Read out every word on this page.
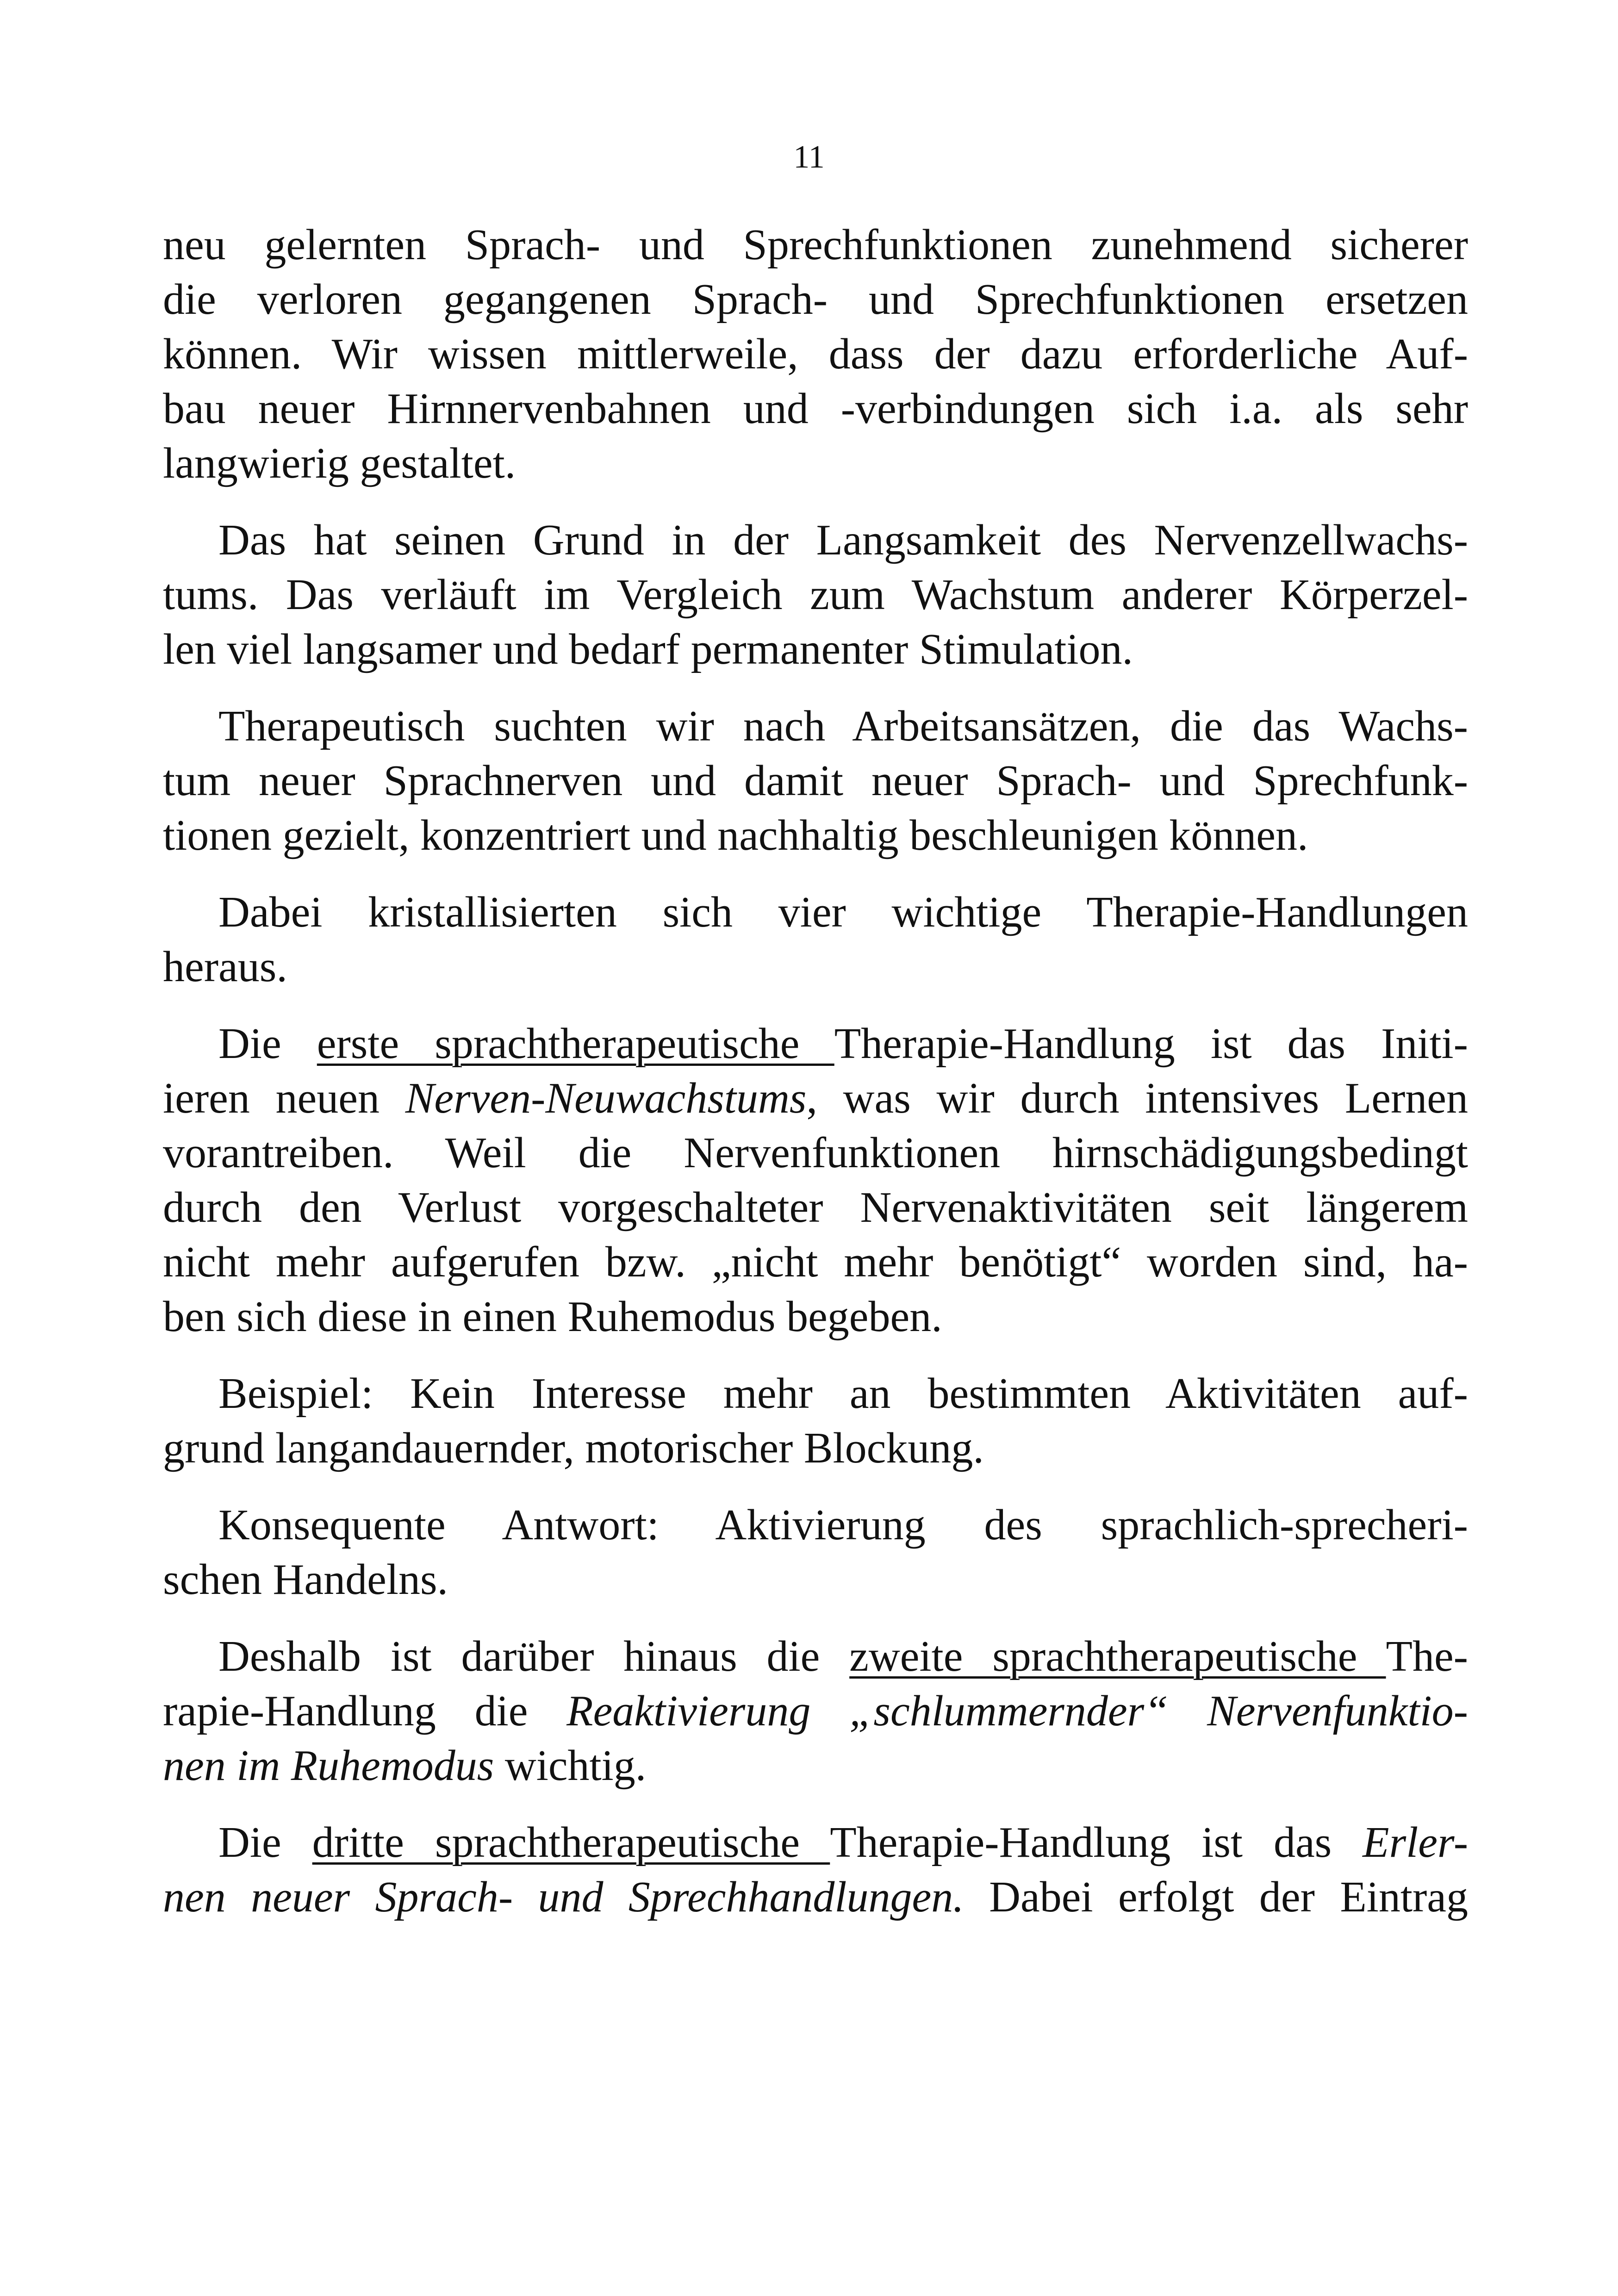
11
neu gelernten Sprach- und Sprechfunktionen zunehmend sicherer
die verloren gegangenen Sprach- und Sprechfunktionen ersetzen
können. Wir wissen mittlerweile, dass der dazu erforderliche Auf-
bau neuer Hirnnervenbahnen und -verbindungen sich i.a. als sehr
langwierig gestaltet.
Das hat seinen Grund in der Langsamkeit des Nervenzellwachs-
tums. Das verläuft im Vergleich zum Wachstum anderer Körperzel-
len viel langsamer und bedarf permanenter Stimulation.
Therapeutisch suchten wir nach Arbeitsansätzen, die das Wachs-
tum neuer Sprachnerven und damit neuer Sprach- und Sprechfunk-
tionen gezielt, konzentriert und nachhaltig beschleunigen können.
Dabei kristallisierten sich vier wichtige Therapie-Handlungen
heraus.
Die erste sprachtherapeutische Therapie-Handlung ist das Initi-
ieren neuen Nerven-Neuwachstums, was wir durch intensives Lernen
vorantreiben. Weil die Nervenfunktionen hirnschädigungsbedingt
durch den Verlust vorgeschalteter Nervenaktivitäten seit längerem
nicht mehr aufgerufen bzw. „nicht mehr benötigt“ worden sind, ha-
ben sich diese in einen Ruhemodus begeben.
Beispiel: Kein Interesse mehr an bestimmten Aktivitäten auf-
grund langandauernder, motorischer Blockung.
Konsequente Antwort: Aktivierung des sprachlich-sprecheri-
schen Handelns.
Deshalb ist darüber hinaus die zweite sprachtherapeutische The-
rapie-Handlung die Reaktivierung „schlummernder“ Nervenfunktio-
nen im Ruhemodus wichtig.
Die dritte sprachtherapeutische Therapie-Handlung ist das Erler-
nen neuer Sprach- und Sprechhandlungen. Dabei erfolgt der Eintrag
